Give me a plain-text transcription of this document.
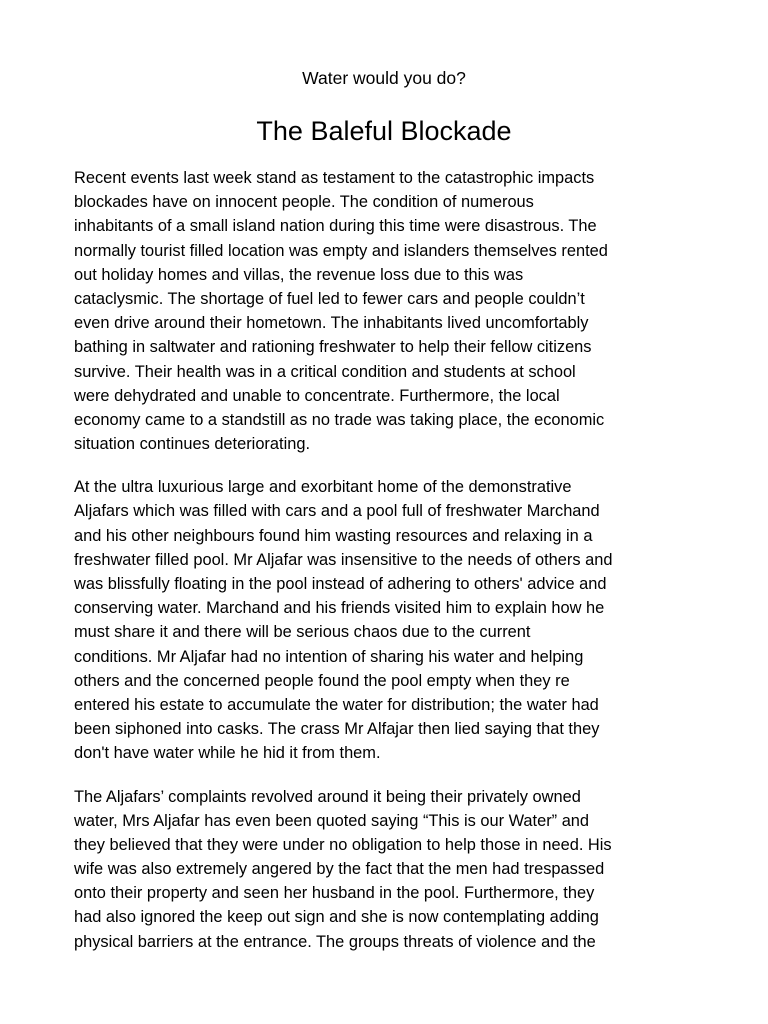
Water would you do?
The Baleful Blockade

Recent events last week stand as testament to the catastrophic impacts
blockades have on innocent people. The condition of numerous
inhabitants of a small island nation during this time were disastrous. The
normally tourist filled location was empty and islanders themselves rented
out holiday homes and villas, the revenue loss due to this was
cataclysmic. The shortage of fuel led to fewer cars and people couldn’t
even drive around their hometown. The inhabitants lived uncomfortably
bathing in saltwater and rationing freshwater to help their fellow citizens
survive. Their health was in a critical condition and students at school
were dehydrated and unable to concentrate. Furthermore, the local
economy came to a standstill as no trade was taking place, the economic
situation continues deteriorating.

At the ultra luxurious large and exorbitant home of the demonstrative
Aljafars which was filled with cars and a pool full of freshwater Marchand
and his other neighbours found him wasting resources and relaxing in a
freshwater filled pool. Mr Aljafar was insensitive to the needs of others and
was blissfully floating in the pool instead of adhering to others' advice and
conserving water. Marchand and his friends visited him to explain how he
must share it and there will be serious chaos due to the current
conditions. Mr Aljafar had no intention of sharing his water and helping
others and the concerned people found the pool empty when they re
entered his estate to accumulate the water for distribution; the water had
been siphoned into casks. The crass Mr Alfajar then lied saying that they
don't have water while he hid it from them.

The Aljafars’ complaints revolved around it being their privately owned
water, Mrs Aljafar has even been quoted saying “This is our Water” and
they believed that they were under no obligation to help those in need. His
wife was also extremely angered by the fact that the men had trespassed
onto their property and seen her husband in the pool. Furthermore, they
had also ignored the keep out sign and she is now contemplating adding
physical barriers at the entrance. The groups threats of violence and the
